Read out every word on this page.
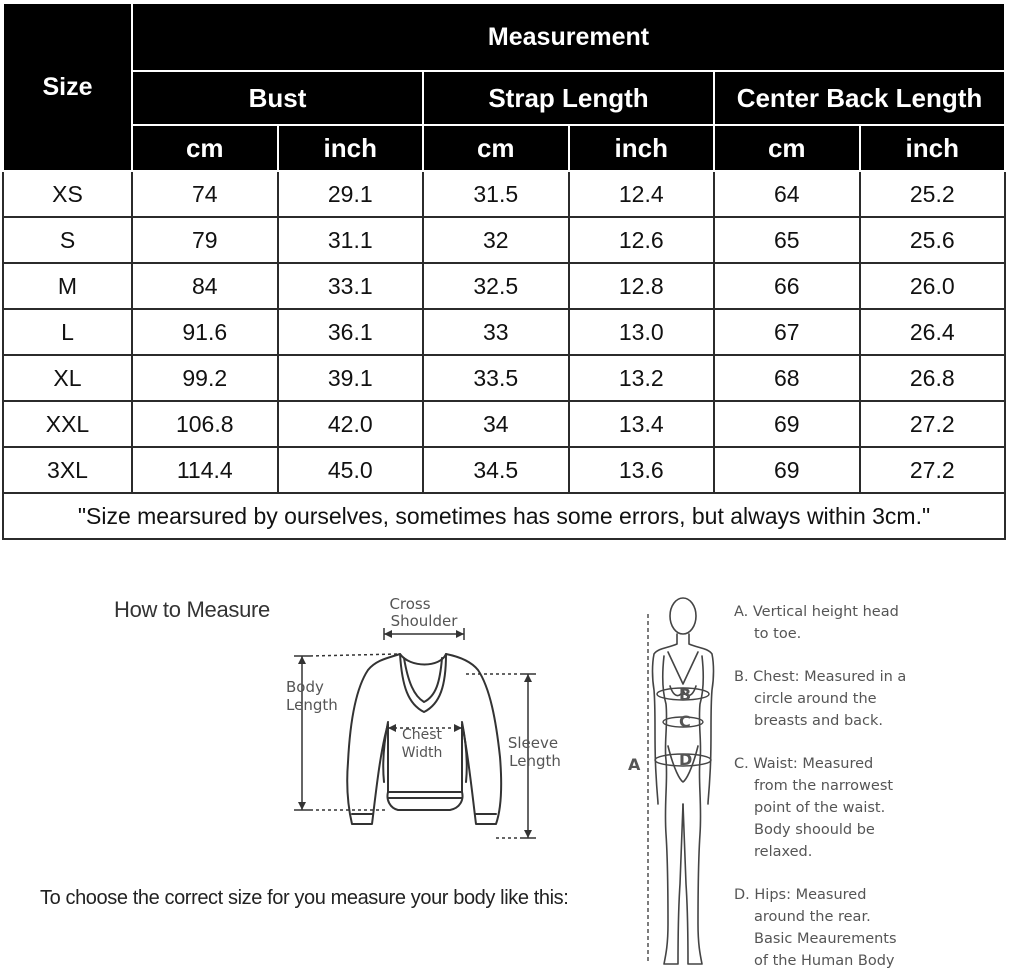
Size	Measurement					
	Bust		Strap Length		Center Back Length	
	cm	inch	cm	inch	cm	inch
XS	74	29.1	31.5	12.4	64	25.2
S	79	31.1	32	12.6	65	25.6
M	84	33.1	32.5	12.8	66	26.0
L	91.6	36.1	33	13.0	67	26.4
XL	99.2	39.1	33.5	13.2	68	26.8
XXL	106.8	42.0	34	13.4	69	27.2
3XL	114.4	45.0	34.5	13.6	69	27.2
"Size mearsured by ourselves, sometimes has some errors, but always within 3cm."						
How to Measure	Cross
Shoulder
Body
Length
Chest
Width
Sleeve
Length
To choose the correct size for you measure your body like this:
B
C
D
A
A. Vertical height head
to toe.
B. Chest: Measured in a
circle around the
breasts and back.
C. Waist: Measured
from the narrowest
point of the waist.
Body shoould be
relaxed.
D. Hips: Measured
around the rear.
Basic Meaurements
of the Human Body
